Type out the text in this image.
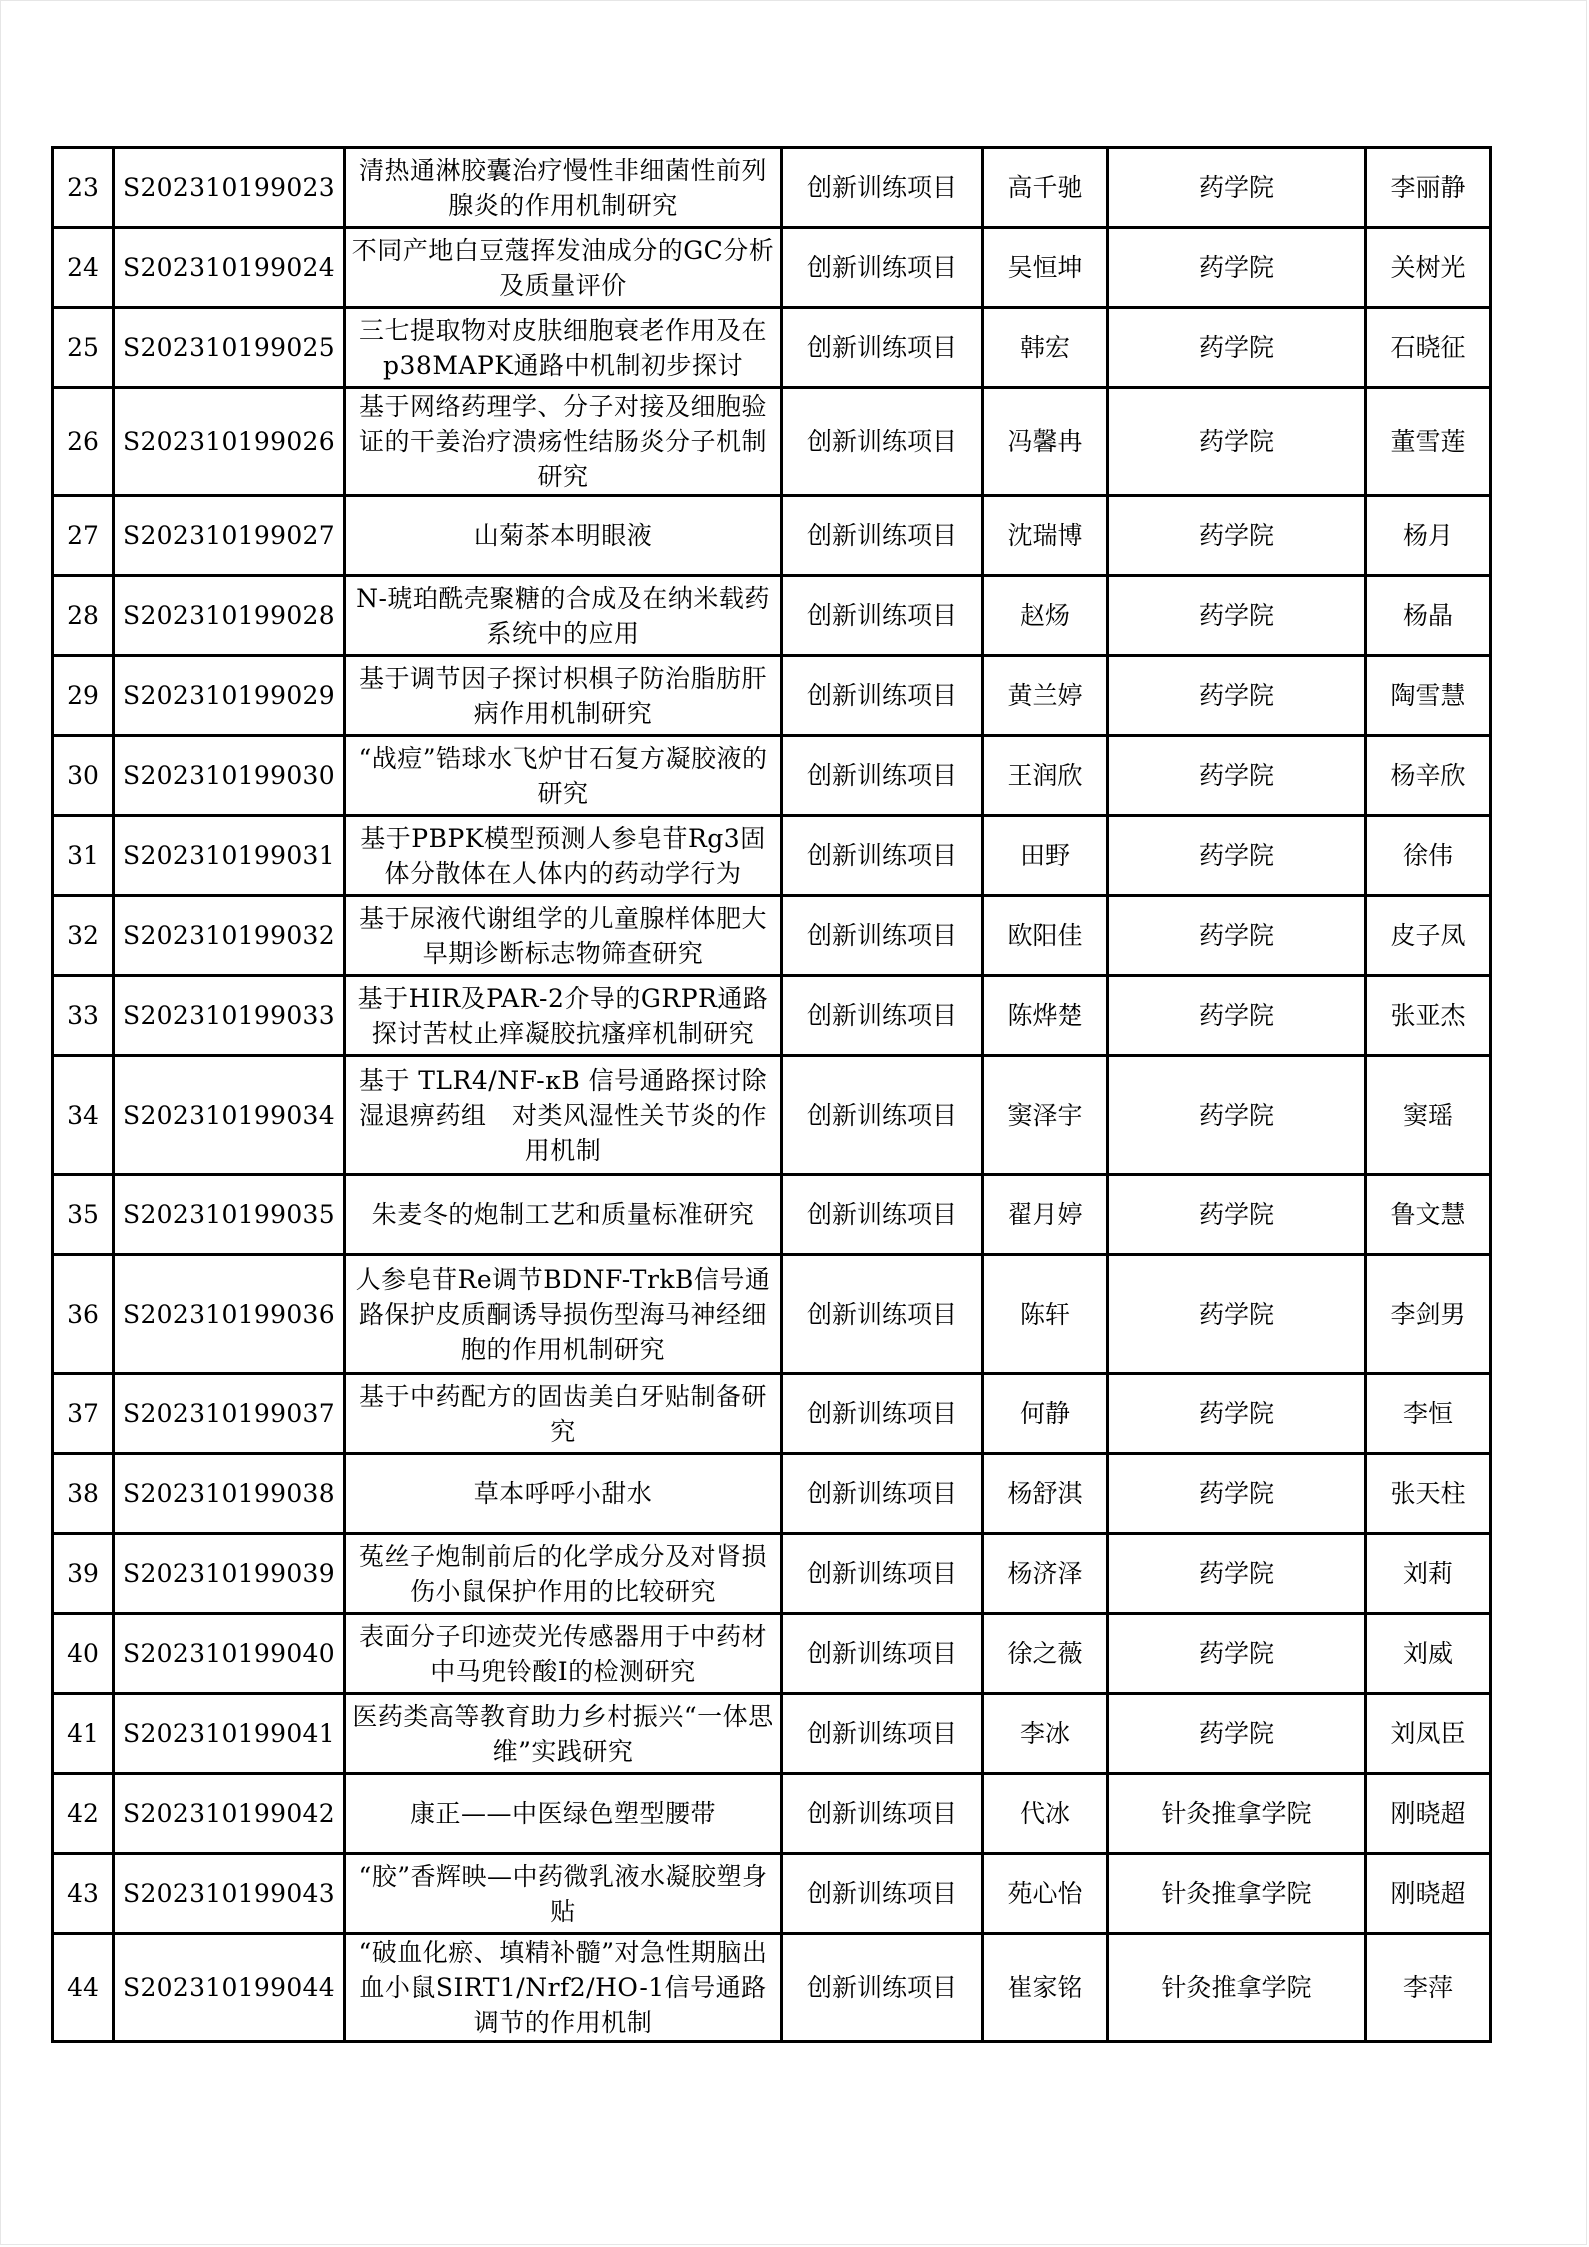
23	S202310199023	清热通淋胶囊治疗慢性非细菌性前列腺炎的作用机制研究	创新训练项目	高千驰	药学院	李丽静
24	S202310199024	不同产地白豆蔻挥发油成分的GC分析及质量评价	创新训练项目	吴恒坤	药学院	关树光
25	S202310199025	三七提取物对皮肤细胞衰老作用及在p38MAPK通路中机制初步探讨	创新训练项目	韩宏	药学院	石晓征
26	S202310199026	基于网络药理学、分子对接及细胞验证的干姜治疗溃疡性结肠炎分子机制研究	创新训练项目	冯馨冉	药学院	董雪莲
27	S202310199027	山菊茶本明眼液	创新训练项目	沈瑞博	药学院	杨月
28	S202310199028	N-琥珀酰壳聚糖的合成及在纳米载药系统中的应用	创新训练项目	赵炀	药学院	杨晶
29	S202310199029	基于调节因子探讨枳椇子防治脂肪肝病作用机制研究	创新训练项目	黄兰婷	药学院	陶雪慧
30	S202310199030	“战痘”锆球水飞炉甘石复方凝胶液的研究	创新训练项目	王润欣	药学院	杨辛欣
31	S202310199031	基于PBPK模型预测人参皂苷Rg3固体分散体在人体内的药动学行为	创新训练项目	田野	药学院	徐伟
32	S202310199032	基于尿液代谢组学的儿童腺样体肥大早期诊断标志物筛查研究	创新训练项目	欧阳佳	药学院	皮子凤
33	S202310199033	基于HIR及PAR-2介导的GRPR通路探讨苦杖止痒凝胶抗瘙痒机制研究	创新训练项目	陈烨楚	药学院	张亚杰
34	S202310199034	基于 TLR4/NF-κB 信号通路探讨除湿退痹药组　对类风湿性关节炎的作用机制	创新训练项目	窦泽宇	药学院	窦瑶
35	S202310199035	朱麦冬的炮制工艺和质量标准研究	创新训练项目	翟月婷	药学院	鲁文慧
36	S202310199036	人参皂苷Re调节BDNF-TrkB信号通路保护皮质酮诱导损伤型海马神经细胞的作用机制研究	创新训练项目	陈轩	药学院	李剑男
37	S202310199037	基于中药配方的固齿美白牙贴制备研究	创新训练项目	何静	药学院	李恒
38	S202310199038	草本呼呼小甜水	创新训练项目	杨舒淇	药学院	张天柱
39	S202310199039	菟丝子炮制前后的化学成分及对肾损伤小鼠保护作用的比较研究	创新训练项目	杨济泽	药学院	刘莉
40	S202310199040	表面分子印迹荧光传感器用于中药材中马兜铃酸Ⅰ的检测研究	创新训练项目	徐之薇	药学院	刘威
41	S202310199041	医药类高等教育助力乡村振兴“一体思维”实践研究	创新训练项目	李冰	药学院	刘凤臣
42	S202310199042	康正——中医绿色塑型腰带	创新训练项目	代冰	针灸推拿学院	刚晓超
43	S202310199043	“胶”香辉映—中药微乳液水凝胶塑身贴	创新训练项目	苑心怡	针灸推拿学院	刚晓超
44	S202310199044	“破血化瘀、填精补髓”对急性期脑出血小鼠SIRT1/Nrf2/HO-1信号通路调节的作用机制	创新训练项目	崔家铭	针灸推拿学院	李萍
